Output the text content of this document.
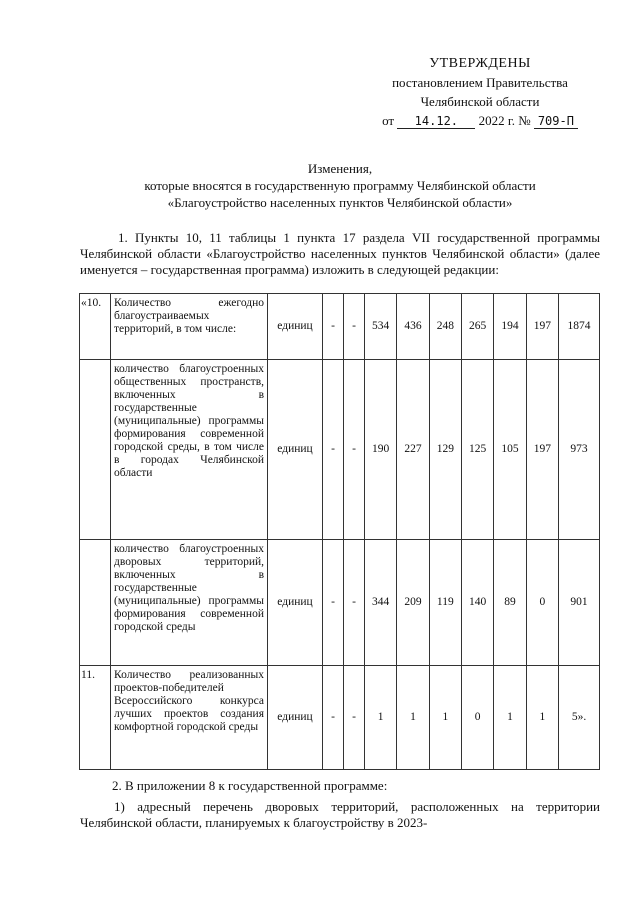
УТВЕРЖДЕНЫ
постановлением Правительства
Челябинской области
от 14.12. 2022 г. № 709-П
Изменения,
которые вносятся в государственную программу Челябинской области
«Благоустройство населенных пунктов Челябинской области»
1. Пункты 10, 11 таблицы 1 пункта 17 раздела VII государственной программы Челябинской области «Благоустройство населенных пунктов Челябинской области» (далее именуется – государственная программа) изложить в следующей редакции:
«10.	Количество ежегодно благоустраиваемых территорий, в том числе:	единиц	-	-	534	436	248	265	194	197	1874
	количество благоустроенных общественных пространств, включенных в государственные (муниципальные) программы формирования современной городской среды, в том числе в городах Челябинской области	единиц	-	-	190	227	129	125	105	197	973
	количество благоустроенных дворовых территорий, включенных в государственные (муниципальные) программы формирования современной городской среды	единиц	-	-	344	209	119	140	89	0	901
11.	Количество реализованных проектов-победителей Всероссийского конкурса лучших проектов создания комфортной городской среды	единиц	-	-	1	1	1	0	1	1	5».
2. В приложении 8 к государственной программе:
1) адресный перечень дворовых территорий, расположенных на территории Челябинской области, планируемых к благоустройству в 2023-
